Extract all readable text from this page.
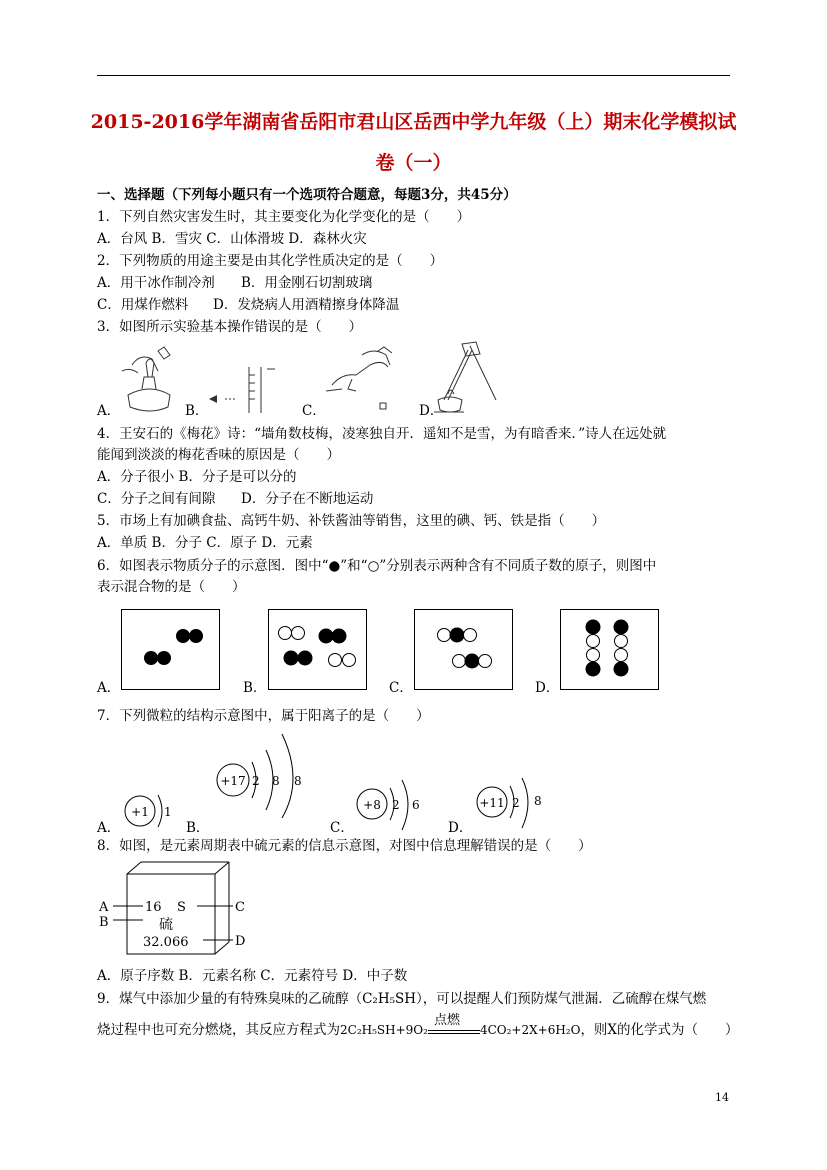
2015-2016学年湖南省岳阳市君山区岳西中学九年级（上）期末化学模拟试
卷（一）
一、选择题（下列每小题只有一个选项符合题意，每题3分，共45分）
1．下列自然灾害发生时，其主要变化为化学变化的是（　　）
A．台风 B．雪灾 C．山体滑坡 D．森林火灾
2．下列物质的用途主要是由其化学性质决定的是（　　）
A．用干冰作制冷剂 B．用金刚石切割玻璃
C．用煤作燃料 D．发烧病人用酒精擦身体降温
3．如图所示实验基本操作错误的是（　　）
A．	B．	C．	D．
4．王安石的《梅花》诗：“墙角数枝梅，凌寒独自开．遥知不是雪，为有暗香来．”诗人在远处就
能闻到淡淡的梅花香味的原因是（　　）
A．分子很小 B．分子是可以分的
C．分子之间有间隙 D．分子在不断地运动
5．市场上有加碘食盐、高钙牛奶、补铁酱油等销售，这里的碘、钙、铁是指（　　）
A．单质 B．分子 C．原子 D．元素
6．如图表示物质分子的示意图．图中“●”和“○”分别表示两种含有不同质子数的原子，则图中
表示混合物的是（　　）
A．	B．	C．	D．
7．下列微粒的结构示意图中，属于阳离子的是（　　）
A．	B．	C．	D．
+1 1
+17 2 8 8
+8 2 6	+11 2 8
8．如图，是元素周期表中硫元素的信息示意图，对图中信息理解错误的是（　　）
A
B
C
D
16 S
硫
32.066
A．原子序数 B．元素名称 C．元素符号 D．中子数
9．煤气中添加少量的有特殊臭味的乙硫醇（C₂H₅SH），可以提醒人们预防煤气泄漏．乙硫醇在煤气燃
烧过程中也可充分燃烧，其反应方程式为2C₂H₅SH+9O₂
点燃
4CO₂+2X+6H₂O，则X的化学式为（　　）
14
